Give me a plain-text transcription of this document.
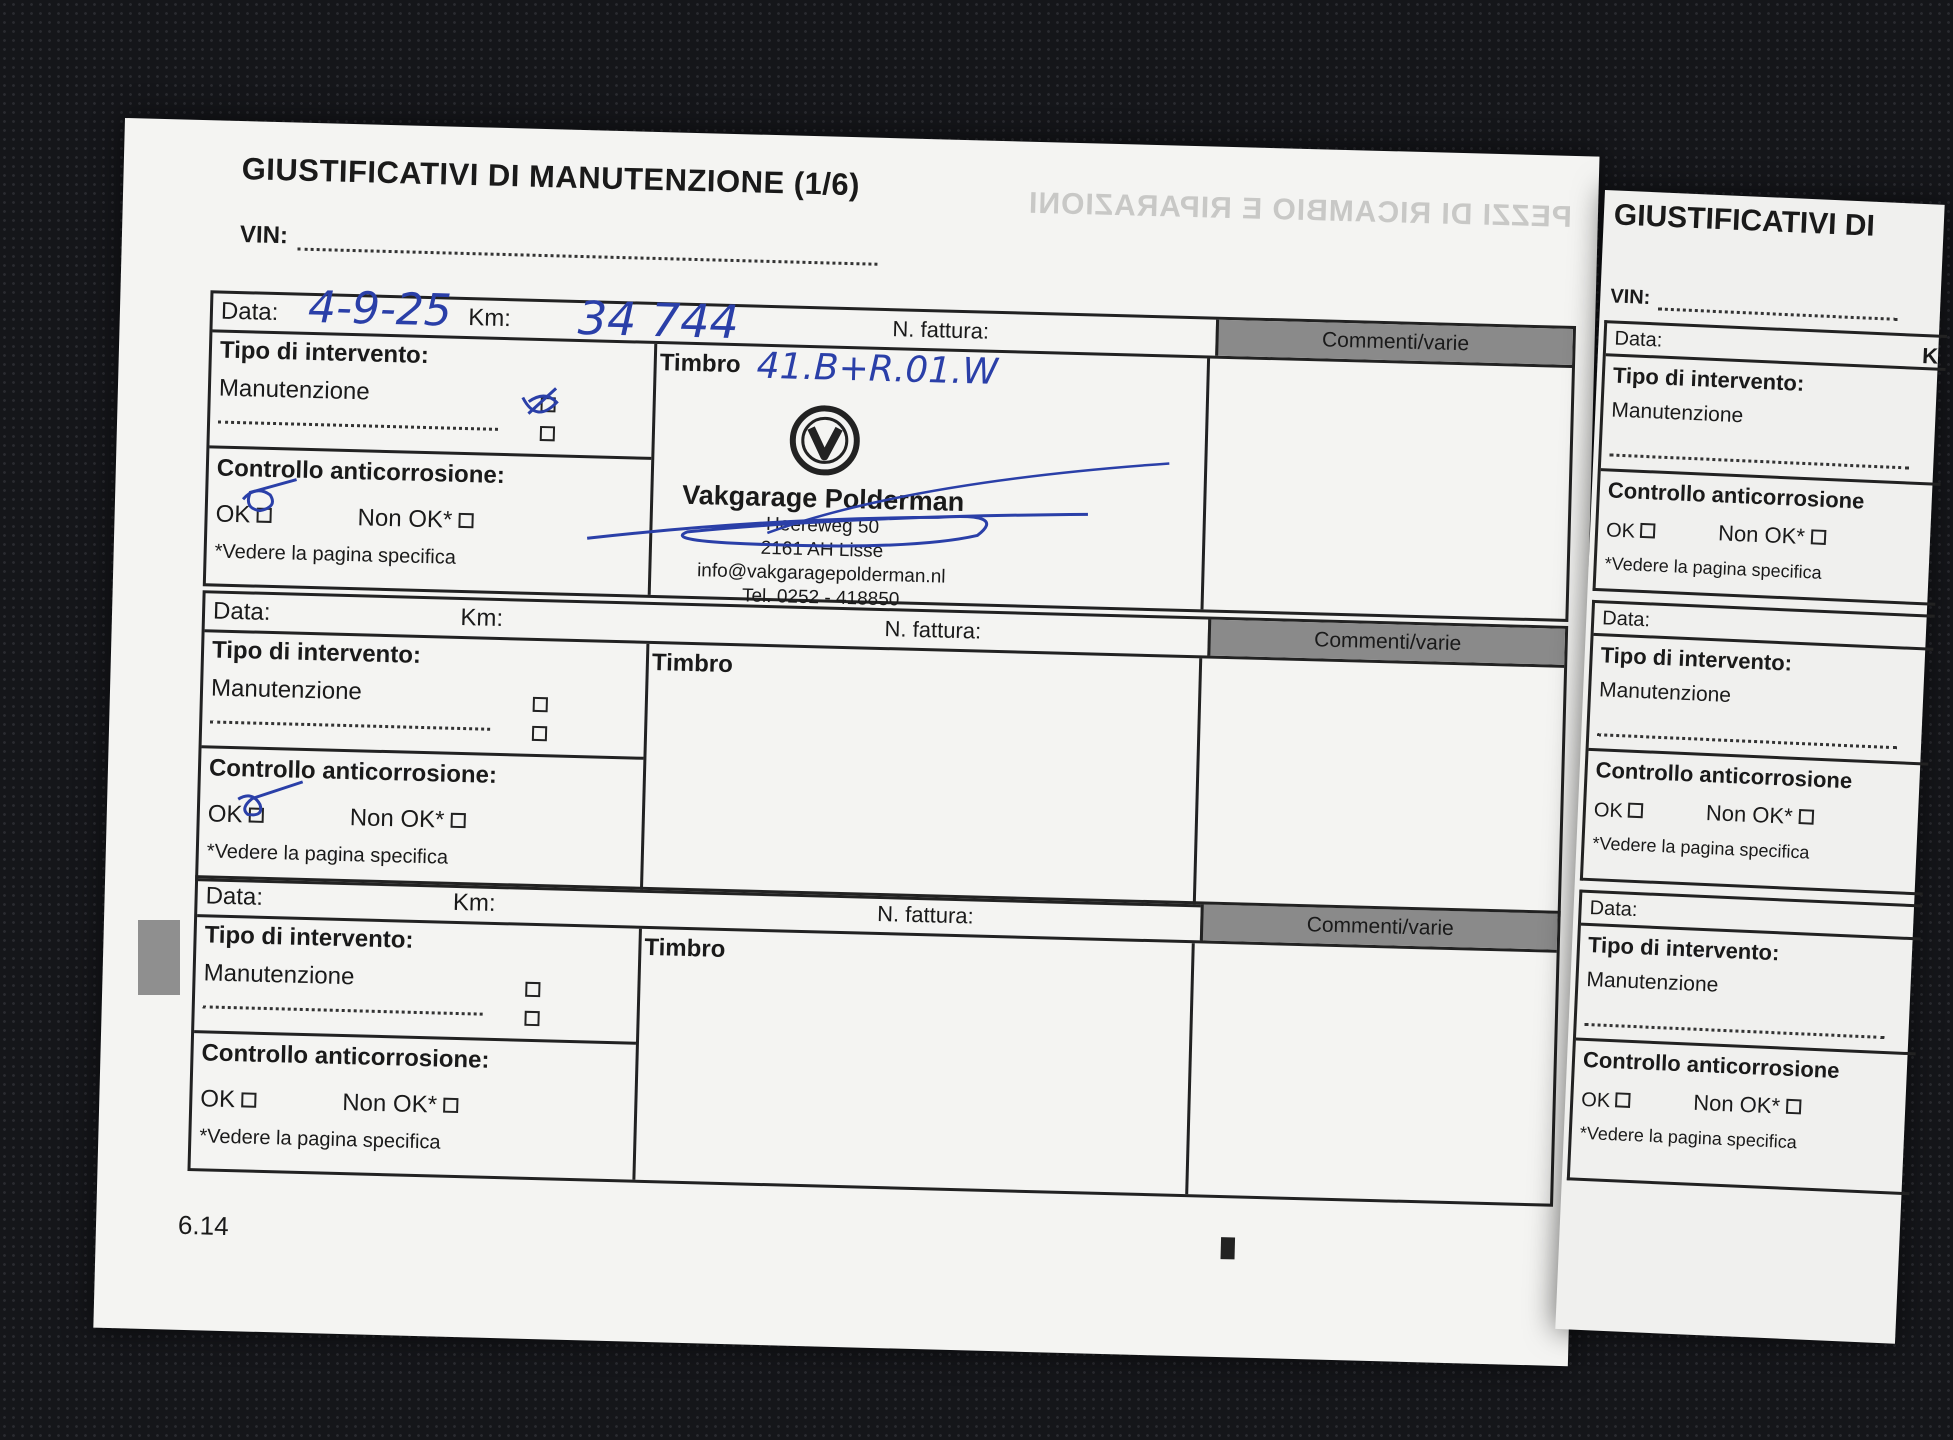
PEZZI DI RICAMBIO E RIPARAZIONI
GIUSTIFICATIVI DI MANUTENZIONE (1/6)
VIN:
Data:	Km:	N. fattura:	Commenti/varie
Tipo di intervento:
Manutenzione
Controllo anticorrosione:
OK	Non OK*
*Vedere la pagina specifica
Timbro
Vakgarage Polderman
Heereweg 50
2161 AH Lisse
info@vakgaragepolderman.nl
Tel. 0252 - 418850
4-9-25	34 744
41.B+R.01.W
Data:	Km:	N. fattura:	Commenti/varie
Tipo di intervento:
Manutenzione
Controllo anticorrosione:
OK	Non OK*
*Vedere la pagina specifica
Timbro
Data:	Km:	N. fattura:	Commenti/varie
Tipo di intervento:
Manutenzione
Controllo anticorrosione:
OK	Non OK*
*Vedere la pagina specifica
Timbro
6.14
GIUSTIFICATIVI DI
VIN:
Data:
K
Tipo di intervento:
Manutenzione
Controllo anticorrosione
OK	Non OK*
*Vedere la pagina specifica
Data:
Tipo di intervento:
Manutenzione
Controllo anticorrosione
OK	Non OK*
*Vedere la pagina specifica
Data:
Tipo di intervento:
Manutenzione
Controllo anticorrosione
OK	Non OK*
*Vedere la pagina specifica
